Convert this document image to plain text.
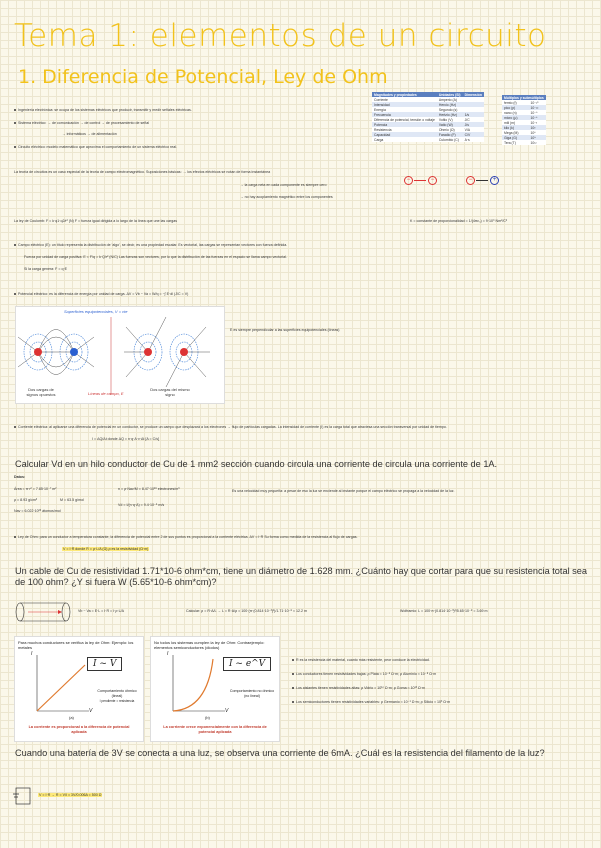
Tema 1: elementos de un circuito
1. Diferencia de Potencial, Ley de Ohm
Magnitudes y propiedades	Unidades (SI)	Dimensión
Corriente	Amperio (A)	
Intensidad	Hercio (Hz)	
Energía	Segundo (s)	
Frecuencia	Hertzio (Hz)	1/s
Diferencia de potencial, tensión o voltaje	Voltio (V)	J/C
Potencia	Vatio (W)	J/s
Resistencia	Ohmio (Ω)	V/A
Capacidad	Faradio (F)	C/V
Carga	Culombio (C)	A·s
Múltiplos y submúltiplos	
femto (f)	10⁻¹⁵
pico (p)	10⁻¹²
nano (n)	10⁻⁹
micro (μ)	10⁻⁶
mili (m)	10⁻³
kilo (k)	10³
Mega (M)	10⁶
Giga (G)	10⁹
Tera (T)	10¹²
Ingeniería electrónica: se ocupa de los sistemas eléctricos que producir, transmitir y medir señales eléctricas.
Sistema eléctrico: → de comunicación → de control → de procesamiento de señal
→ informáticos → de alimentación
Circuito eléctrico: modelo matemático que aproxima el comportamiento de un sistema eléctrico real.
La teoría de circuitos es un caso especial de la teoría de campo electromagnético. Suposiciones básicas: → los efectos eléctricos se notan de forma instantánea
→ la carga neta en cada componente es siempre cero
→ no hay acoplamiento magnético entre los componentes
−	−	−	+
La ley de Coulomb: F = k·q1·q2/r² (N) F = fuerza igual dirigida a lo largo de la línea que une las cargas	K = constante de proporcionalidad = 1/(4πε₀) = 9·10⁹ Nm²/C²
Campo eléctrico (E): un título representa la distribución de 'algo', se decir, es una propiedad escalar. Es vectorial, las cargas se representan vectores con fuerza definida.
Fuerza por unidad de carga positiva: E = F/q = k·Q/r² (N/C) Las fuerzas son vectores, por lo que la distribución de las fuerzas en el espacio se llama campo vectorial.
Si la carga genera: F = q·E
Potencial eléctrico: es la diferencia de energía por unidad de carga. ΔV = Vb − Va = W/q = −∫ E·dl (J/C = V)
Superficies equipotenciales, V = cte
Líneas de campo, E
Dos cargas de signos opuestos
Dos cargas del mismo signo
E es siempre perpendicular a las superficies equipotenciales (líneas)
Corriente eléctrica: al aplicarse una diferencia de potencial en un conductor, se produce un campo que desplazará a los electrones → flujo de partículas cargadas. La intensidad de corriente (I) es la carga total que atraviesa una sección transversal por unidad de tiempo.
I = ΔQ/Δt donde ΔQ = n·q·A·v·Δt [A = C/s]
Calcular Vd en un hilo conductor de Cu de 1 mm2 sección cuando circula una corriente de circula una corriente de 1A.
Datos:
Área = π·r² = 7.85·10⁻⁷ m²
ρ = 8.93 g/cm³	M = 63.5 g/mol
Nav = 6.022·10²³ átomos/mol
n = ρ·Nav/M = 8.47·10²⁸ electrones/m³
Vd = I/(n·q·A) = 9.4·10⁻⁵ m/s
Es una velocidad muy pequeña: a pesar de eso la luz se enciende al instante porque el campo eléctrico se propaga a la velocidad de la luz.
Ley de Ohm: para un conductor a temperatura constante, la diferencia de potencial entre 2 de sus puntos es proporcional a la corriente eléctrica. ΔV = I·R Su forma como medida de la resistencia al flujo de cargas.
V = I·R donde R = ρ·L/A (Ω) ρ es la resistividad (Ω·m)
Un cable de Cu de resistividad 1.71*10-6 ohm*cm, tiene un diámetro de 1.628 mm. ¿Cuánto hay que cortar para que su resistencia total sea de 100 ohm? ¿Y si fuera W (5.65*10-6 ohm*cm)?
Vb − Va = E·L = I·R = I·ρ·L/A	Calcular: ρ = R·A/L → L = R·A/ρ = 100·(π·(0.814·10⁻³)²)/1.71·10⁻⁸ ≈ 12.2 m	Wolframio: L = 100·π·(0.814·10⁻³)²/5.65·10⁻⁸ = 3.69 m
Para muchos conductores se verifica la ley de Ohm: Ejemplo: los metales
I ~ V
I
V
Comportamiento óhmico (lineal)
I pendiente = resistencia
(a)
La corriente es proporcional a la diferencia de potencial aplicada
No todos los sistemas cumplen la ley de Ohm: Contraejemplo: elementos semiconductores (diodos)
I ~ e^V
I
V
Comportamiento no óhmico (no lineal)
(b)
La corriente crece exponencialmente con la diferencia de potencial aplicada
R es la resistencia del material, cuanto más resistente, peor conduce la electricidad.
Los conductores tienen resistividades bajas: ρ Plata ≈ 10⁻⁸ Ω·m; ρ Aluminio ≈ 10⁻⁸ Ω·m
Los aislantes tienen resistividades altas: ρ Vidrio ≈ 10¹⁰ Ω·m; ρ Goma ≈ 10¹³ Ω·m
Los semiconductores tienen resistividades variables: ρ Germanio ≈ 10⁻¹ Ω·m; ρ Silicio ≈ 10³ Ω·m
Cuando una batería de 3V se conecta a una luz, se observa una corriente de 6mA. ¿Cuál es la resistencia del filamento de la luz?
V = I·R → R = V/I = 3V/0.006A = 500 Ω
